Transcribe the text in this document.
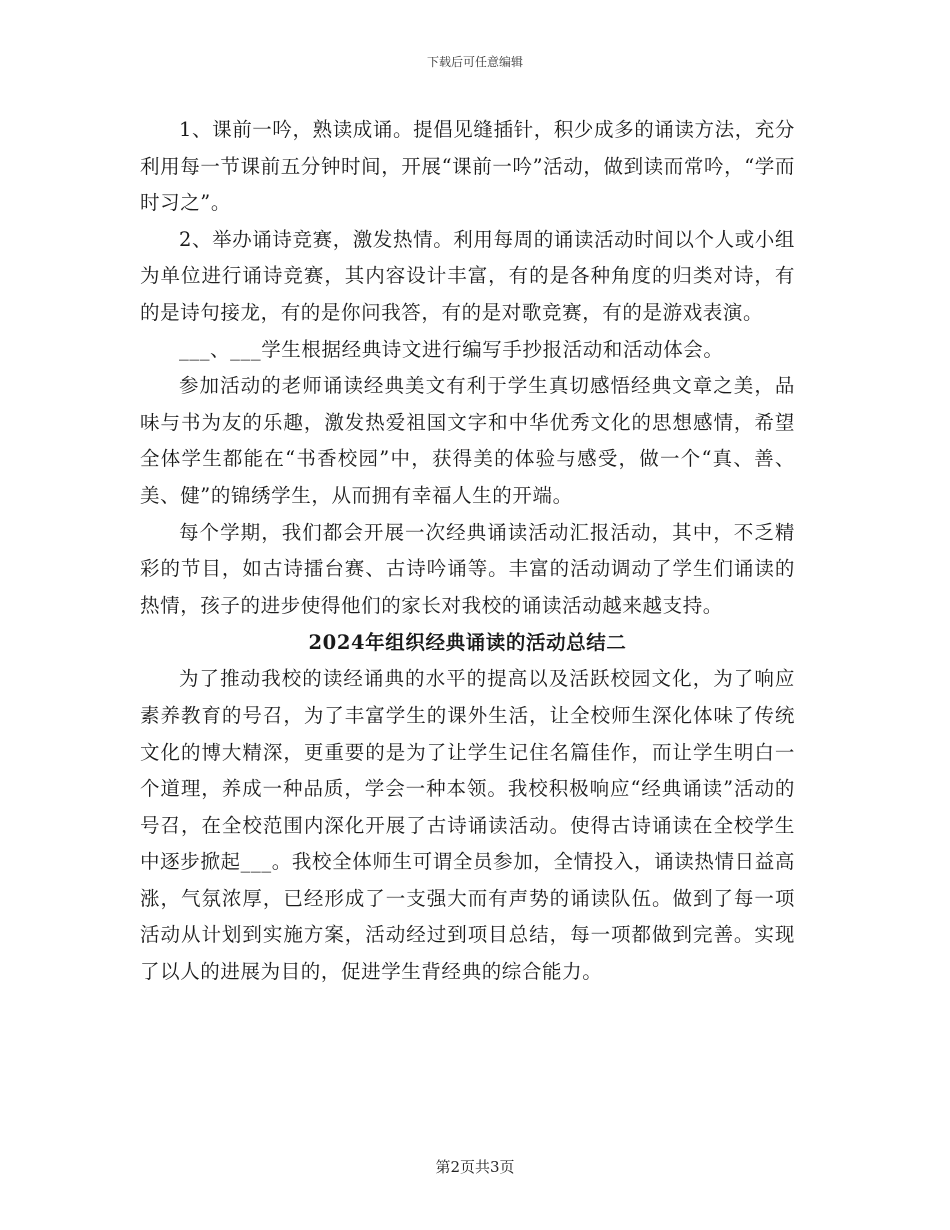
下载后可任意编辑

1、课前一吟，熟读成诵。提倡见缝插针，积少成多的诵读方法，充分利用每一节课前五分钟时间，开展“课前一吟”活动，做到读而常吟，“学而时习之”。

2、举办诵诗竞赛，激发热情。利用每周的诵读活动时间以个人或小组为单位进行诵诗竞赛，其内容设计丰富，有的是各种角度的归类对诗，有的是诗句接龙，有的是你问我答，有的是对歌竞赛，有的是游戏表演。

___、___学生根据经典诗文进行编写手抄报活动和活动体会。

参加活动的老师诵读经典美文有利于学生真切感悟经典文章之美，品味与书为友的乐趣，激发热爱祖国文字和中华优秀文化的思想感情，希望全体学生都能在“书香校园”中，获得美的体验与感受，做一个“真、善、美、健”的锦绣学生，从而拥有幸福人生的开端。

每个学期，我们都会开展一次经典诵读活动汇报活动，其中，不乏精彩的节目，如古诗擂台赛、古诗吟诵等。丰富的活动调动了学生们诵读的热情，孩子的进步使得他们的家长对我校的诵读活动越来越支持。

2024年组织经典诵读的活动总结二

为了推动我校的读经诵典的水平的提高以及活跃校园文化，为了响应素养教育的号召，为了丰富学生的课外生活，让全校师生深化体味了传统文化的博大精深，更重要的是为了让学生记住名篇佳作，而让学生明白一个道理，养成一种品质，学会一种本领。我校积极响应“经典诵读”活动的号召，在全校范围内深化开展了古诗诵读活动。使得古诗诵读在全校学生中逐步掀起___。我校全体师生可谓全员参加，全情投入，诵读热情日益高涨，气氛浓厚，已经形成了一支强大而有声势的诵读队伍。做到了每一项活动从计划到实施方案，活动经过到项目总结，每一项都做到完善。实现了以人的进展为目的，促进学生背经典的综合能力。

第2页共3页
